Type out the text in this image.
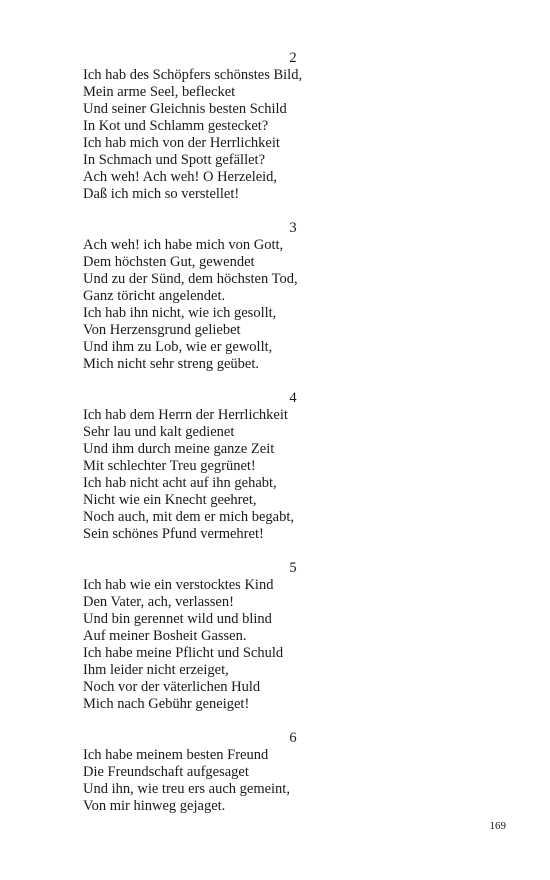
2
Ich hab des Schöpfers schönstes Bild,
Mein arme Seel, beflecket
Und seiner Gleichnis besten Schild
In Kot und Schlamm gestecket?
Ich hab mich von der Herrlichkeit
In Schmach und Spott gefället?
Ach weh! Ach weh! O Herzeleid,
Daß ich mich so verstellet!
3
Ach weh! ich habe mich von Gott,
Dem höchsten Gut, gewendet
Und zu der Sünd, dem höchsten Tod,
Ganz töricht angelendet.
Ich hab ihn nicht, wie ich gesollt,
Von Herzensgrund geliebet
Und ihm zu Lob, wie er gewollt,
Mich nicht sehr streng geübet.
4
Ich hab dem Herrn der Herrlichkeit
Sehr lau und kalt gedienet
Und ihm durch meine ganze Zeit
Mit schlechter Treu gegrünet!
Ich hab nicht acht auf ihn gehabt,
Nicht wie ein Knecht geehret,
Noch auch, mit dem er mich begabt,
Sein schönes Pfund vermehret!
5
Ich hab wie ein verstocktes Kind
Den Vater, ach, verlassen!
Und bin gerennet wild und blind
Auf meiner Bosheit Gassen.
Ich habe meine Pflicht und Schuld
Ihm leider nicht erzeiget,
Noch vor der väterlichen Huld
Mich nach Gebühr geneiget!
6
Ich habe meinem besten Freund
Die Freundschaft aufgesaget
Und ihn, wie treu ers auch gemeint,
Von mir hinweg gejaget.
169
